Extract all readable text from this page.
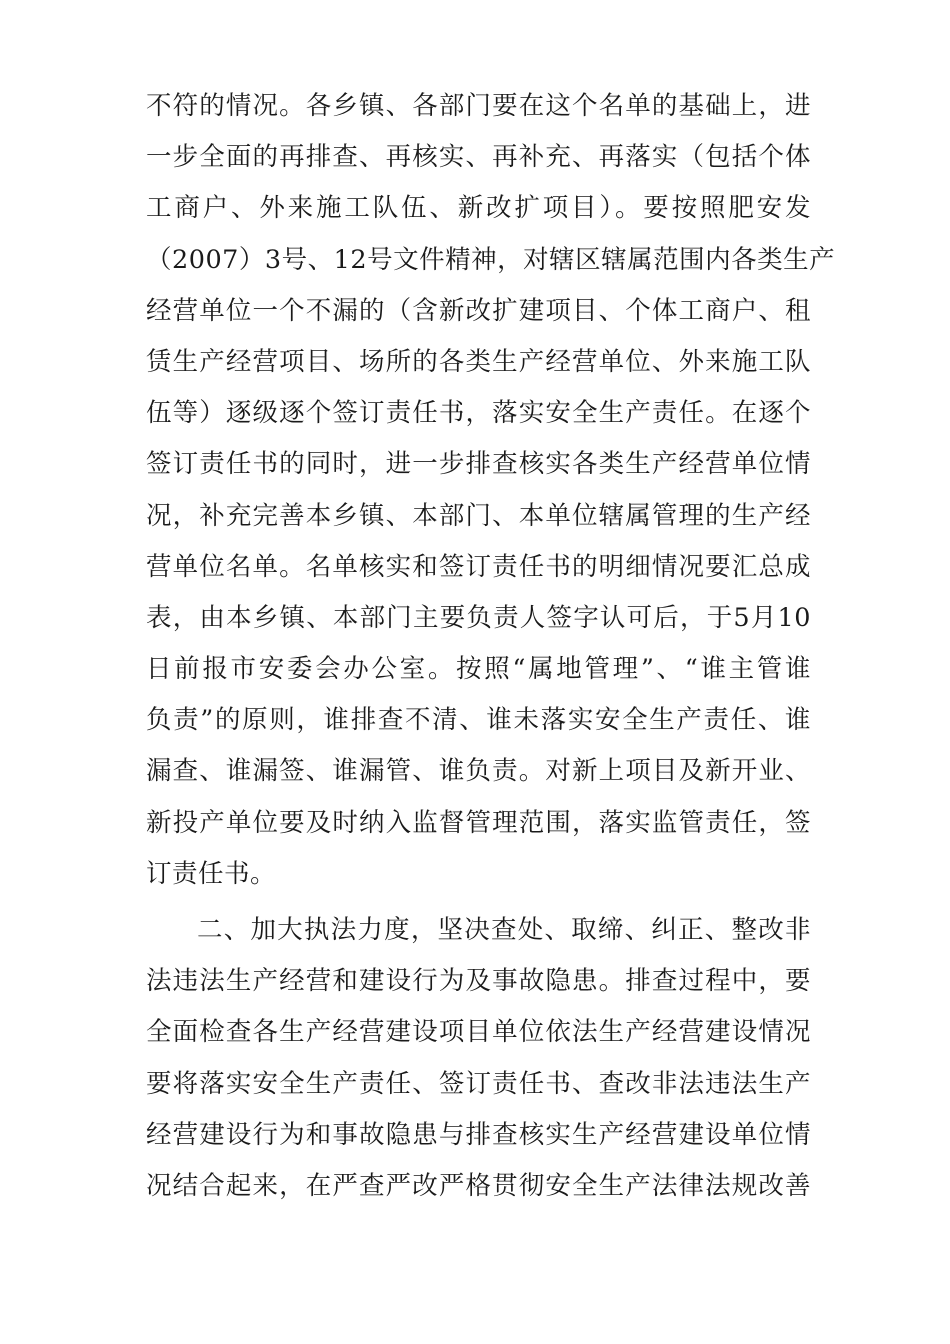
不符的情况。各乡镇、各部门要在这个名单的基础上，进
一步全面的再排查、再核实、再补充、再落实（包括个体
工商户、外来施工队伍、新改扩项目）。要按照肥安发
（2007）3号、12号文件精神，对辖区辖属范围内各类生产
经营单位一个不漏的（含新改扩建项目、个体工商户、租
赁生产经营项目、场所的各类生产经营单位、外来施工队
伍等）逐级逐个签订责任书，落实安全生产责任。在逐个
签订责任书的同时，进一步排查核实各类生产经营单位情
况，补充完善本乡镇、本部门、本单位辖属管理的生产经
营单位名单。名单核实和签订责任书的明细情况要汇总成
表，由本乡镇、本部门主要负责人签字认可后，于5月10
日前报市安委会办公室。按照“属地管理”、“谁主管谁
负责”的原则，谁排查不清、谁未落实安全生产责任、谁
漏查、谁漏签、谁漏管、谁负责。对新上项目及新开业、
新投产单位要及时纳入监督管理范围，落实监管责任，签
订责任书。
二、加大执法力度，坚决查处、取缔、纠正、整改非
法违法生产经营和建设行为及事故隐患。排查过程中，要
全面检查各生产经营建设项目单位依法生产经营建设情况
要将落实安全生产责任、签订责任书、查改非法违法生产
经营建设行为和事故隐患与排查核实生产经营建设单位情
况结合起来，在严查严改严格贯彻安全生产法律法规改善
